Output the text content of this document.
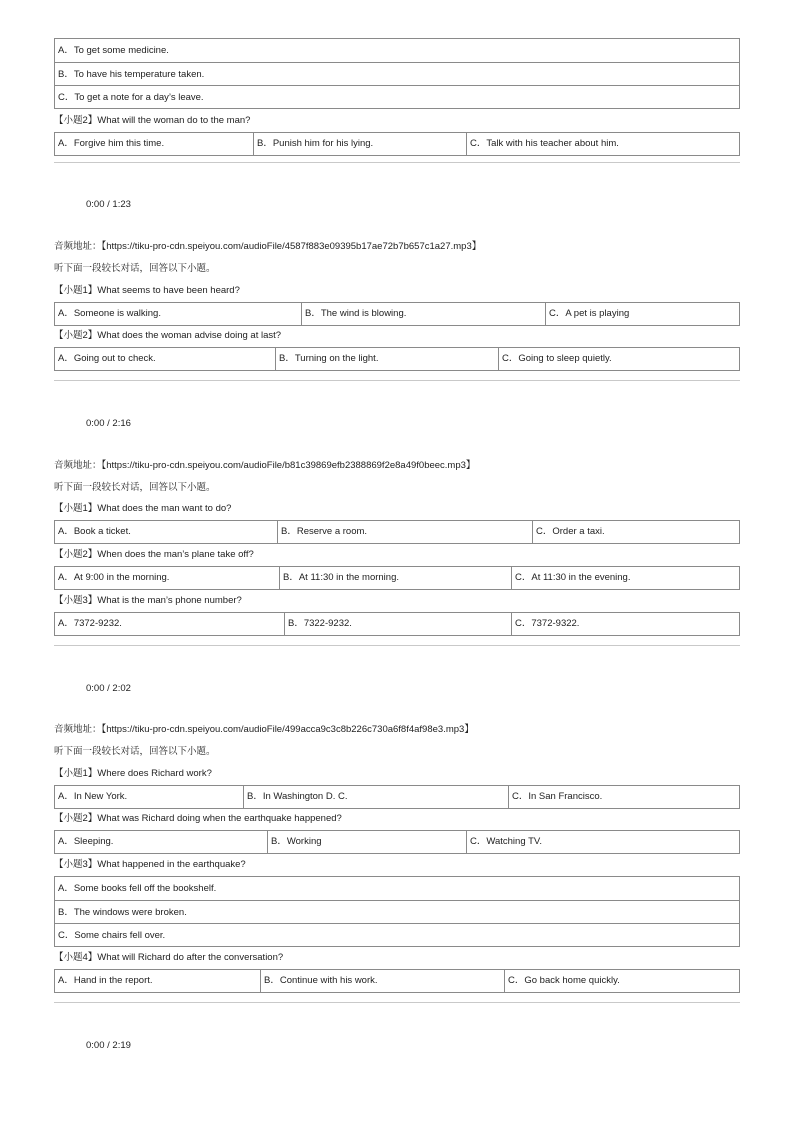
A．To get some medicine.
B．To have his temperature taken.
C．To get a note for a day’s leave.
【小题2】What will the woman do to the man?
A．Forgive him this time.	B．Punish him for his lying.	C．Talk with his teacher about him.
0:00 / 1:23
音频地址：【https://tiku-pro-cdn.speiyou.com/audioFile/4587f883e09395b17ae72b7b657c1a27.mp3】
听下面一段较长对话，回答以下小题。
【小题1】What seems to have been heard?
A．Someone is walking.	B．The wind is blowing.	C．A pet is playing
【小题2】What does the woman advise doing at last?
A．Going out to check.	B．Turning on the light.	C．Going to sleep quietly.
0:00 / 2:16
音频地址：【https://tiku-pro-cdn.speiyou.com/audioFile/b81c39869efb2388869f2e8a49f0beec.mp3】
听下面一段较长对话，回答以下小题。
【小题1】What does the man want to do?
A．Book a ticket.	B．Reserve a room.	C．Order a taxi.
【小题2】When does the man’s plane take off?
A．At 9:00 in the morning.	B．At 11:30 in the morning.	C．At 11:30 in the evening.
【小题3】What is the man’s phone number?
A．7372-9232.	B．7322-9232.	C．7372-9322.
0:00 / 2:02
音频地址：【https://tiku-pro-cdn.speiyou.com/audioFile/499acca9c3c8b226c730a6f8f4af98e3.mp3】
听下面一段较长对话，回答以下小题。
【小题1】Where does Richard work?
A．In New York.	B．In Washington D. C.	C．In San Francisco.
【小题2】What was Richard doing when the earthquake happened?
A．Sleeping.	B．Working	C．Watching TV.
【小题3】What happened in the earthquake?
A．Some books fell off the bookshelf.
B．The windows were broken.
C．Some chairs fell over.
【小题4】What will Richard do after the conversation?
A．Hand in the report.	B．Continue with his work.	C．Go back home quickly.
0:00 / 2:19
